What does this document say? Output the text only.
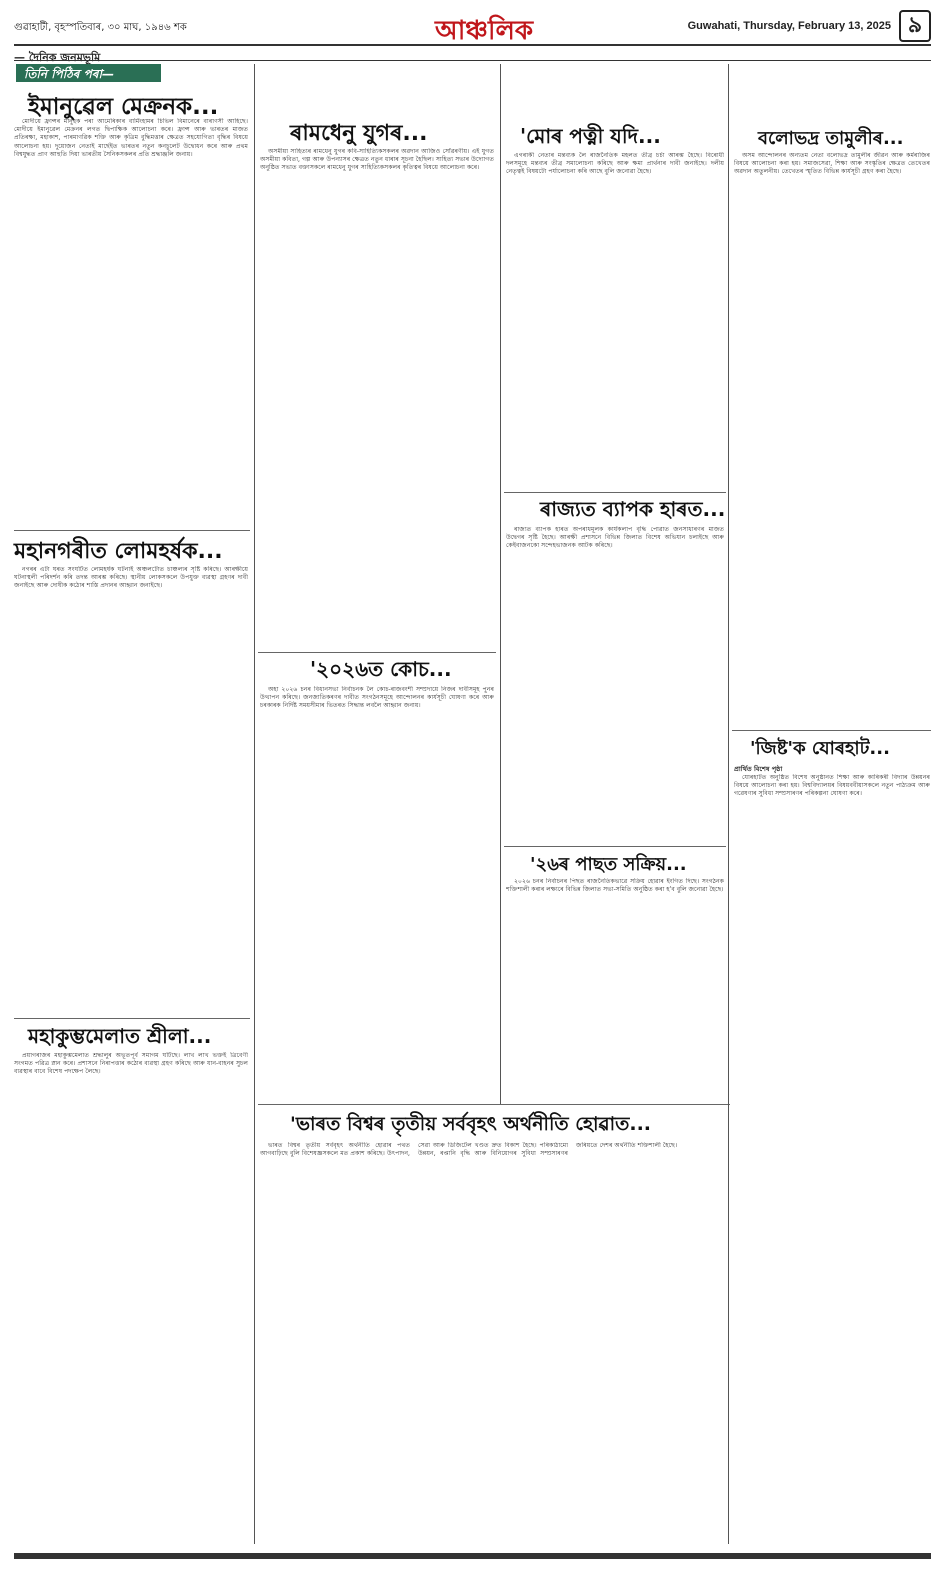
গুৱাহাটী, বৃহস্পতিবাৰ, ৩০ মাঘ, ১৯৪৬ শক	আঞ্চলিক	Guwahati, Thursday, February 13, 2025 ৯
— দৈনিক জনমভূমি
তিনি পিঠিৰ পৰা—
ইমানুৱেল মেক্ৰনক...

মোদীয়ে ফ্ৰান্সৰ মানুহক পৰা আমেৰিকাৰ বাৰ্মিংহামৰ চিভিল বিমানেৰে বাৰাণসী আহিছে। মোদীয়ে ইমানুৱেল মেক্ৰনৰ লগত দ্বিপাক্ষিক আলোচনা কৰে। ফ্ৰান্স আৰু ভাৰতৰ মাজত প্ৰতিৰক্ষা, মহাকাশ, পাৰমাণৱিক শক্তি আৰু কৃত্ৰিম বুদ্ধিমত্তাৰ ক্ষেত্ৰত সহযোগিতা বৃদ্ধিৰ বিষয়ে আলোচনা হয়। দুয়োজন নেতাই মাৰ্ছেইত ভাৰতৰ নতুন কনচুলেট উদ্বোধন কৰে আৰু প্ৰথম বিশ্বযুদ্ধত প্ৰাণ আহুতি দিয়া ভাৰতীয় সৈনিকসকলৰ প্ৰতি শ্ৰদ্ধাঞ্জলি জনায়।

মহানগৰীত লোমহৰ্ষক...

নগৰৰ এটা ঘৰত সংঘটিত লোমহৰ্ষক ঘটনাই অঞ্চলটোত চাঞ্চল্যৰ সৃষ্টি কৰিছে। আৰক্ষীয়ে ঘটনাস্থলী পৰিদৰ্শন কৰি তদন্ত আৰম্ভ কৰিছে। স্থানীয় লোকসকলে উপযুক্ত ব্যৱস্থা গ্ৰহণৰ দাবী জনাইছে আৰু দোষীক কঠোৰ শাস্তি প্ৰদানৰ আহ্বান জনাইছে।

মহাকুম্ভমেলাত শ্ৰীলা...

প্ৰয়াগৰাজৰ মহাকুম্ভমেলাত শ্ৰদ্ধালুৰ অভূতপূৰ্ব সমাগম ঘটিছে। লাখ লাখ ভক্তই ত্ৰিবেণী সংগমত পৱিত্ৰ স্নান কৰে। প্ৰশাসনে নিৰাপত্তাৰ কঠোৰ ব্যৱস্থা গ্ৰহণ কৰিছে আৰু যান-বাহনৰ সুচল ব্যৱস্থাৰ বাবে বিশেষ পদক্ষেপ লৈছে।

ৰামধেনু যুগৰ...

অসমীয়া সাহিত্যৰ ৰামধেনু যুগৰ কবি-সাহিত্যিকসকলৰ অৱদান আজিও সোঁৱৰণীয়। এই যুগত অসমীয়া কবিতা, গল্প আৰু উপন্যাসৰ ক্ষেত্ৰত নতুন ধাৰাৰ সূচনা হৈছিল। সাহিত্য সভাৰ উদ্যোগত অনুষ্ঠিত সভাত বক্তাসকলে ৰামধেনু যুগৰ সাহিত্যিকসকলৰ কৃতিত্বৰ বিষয়ে আলোচনা কৰে।

'২০২৬ত কোচ...

অহা ২০২৬ চনৰ বিধানসভা নিৰ্বাচনক লৈ কোচ-ৰাজবংশী সম্প্ৰদায়ে নিজৰ দাবীসমূহ পুনৰ উত্থাপন কৰিছে। জনজাতিকৰণৰ দাবীত সংগঠনসমূহে আন্দোলনৰ কাৰ্যসূচী ঘোষণা কৰে আৰু চৰকাৰক নিৰ্দিষ্ট সময়সীমাৰ ভিতৰত সিদ্ধান্ত লবলৈ আহ্বান জনায়।

'মোৰ পত্নী যদি...

এগৰাকী নেতাৰ মন্তব্যক লৈ ৰাজনৈতিক মহলত তীব্ৰ চৰ্চা আৰম্ভ হৈছে। বিৰোধী দলসমূহে মন্তব্যৰ তীব্ৰ সমালোচনা কৰিছে আৰু ক্ষমা প্ৰাৰ্থনাৰ দাবী জনাইছে। দলীয় নেতৃত্বই বিষয়টো পৰ্যালোচনা কৰি আছে বুলি জনোৱা হৈছে।

ৰাজ্যত ব্যাপক হাৰত...

ৰাজ্যত ব্যাপক হাৰত অপৰাধমূলক কাৰ্যকলাপ বৃদ্ধি পোৱাত জনসাধাৰণৰ মাজত উদ্বেগৰ সৃষ্টি হৈছে। আৰক্ষী প্ৰশাসনে বিভিন্ন জিলাত বিশেষ অভিযান চলাইছে আৰু কেইবাজনকো সন্দেহভাজনক আটক কৰিছে।

'২৬ৰ পাছত সক্ৰিয়...

২০২৬ চনৰ নিৰ্বাচনৰ পিছত ৰাজনৈতিকভাৱে সক্ৰিয় হোৱাৰ ইংগিত দিছে। সংগঠনক শক্তিশালী কৰাৰ লক্ষ্যৰে বিভিন্ন জিলাত সভা-সমিতি অনুষ্ঠিত কৰা হ'ব বুলি জনোৱা হৈছে।

বলোভদ্ৰ তামুলীৰ...

অসম আন্দোলনৰ অন্যতম নেতা বলোভদ্ৰ তামুলীৰ জীৱন আৰু কৰ্মৰাজিৰ বিষয়ে আলোচনা কৰা হয়। সমাজসেৱা, শিক্ষা আৰু সংস্কৃতিৰ ক্ষেত্ৰত তেখেতৰ অৱদান অতুলনীয়। তেখেতৰ স্মৃতিত বিভিন্ন কাৰ্যসূচী গ্ৰহণ কৰা হৈছে।

'জিষ্ট'ক যোৰহাট...
প্ৰাৰ্থিত বিশেষ পৃষ্ঠা

যোৰহাটত অনুষ্ঠিত বিশেষ অনুষ্ঠানত শিক্ষা আৰু কাৰিকৰী বিদ্যাৰ উন্নয়নৰ বিষয়ে আলোচনা কৰা হয়। বিশ্ববিদ্যালয়ৰ বিষয়ববীয়াসকলে নতুন পাঠ্যক্ৰম আৰু গৱেষণাৰ সুবিধা সম্প্ৰসাৰণৰ পৰিকল্পনা ঘোষণা কৰে।

'ভাৰত বিশ্বৰ তৃতীয় সৰ্ববৃহৎ অৰ্থনীতি হোৱাত...

ভাৰত বিশ্বৰ তৃতীয় সৰ্ববৃহৎ অৰ্থনীতি হোৱাৰ পথত আগবাঢ়িছে বুলি বিশেষজ্ঞসকলে মত প্ৰকাশ কৰিছে। উৎপাদন, সেৱা আৰু ডিজিটেল খণ্ডত দ্ৰুত বিকাশ হৈছে। পৰিকাঠামো উন্নয়ন, ৰপ্তানি বৃদ্ধি আৰু বিনিয়োগৰ সুবিধা সম্প্ৰসাৰণৰ জৰিয়তে দেশৰ অৰ্থনীতি শক্তিশালী হৈছে।
